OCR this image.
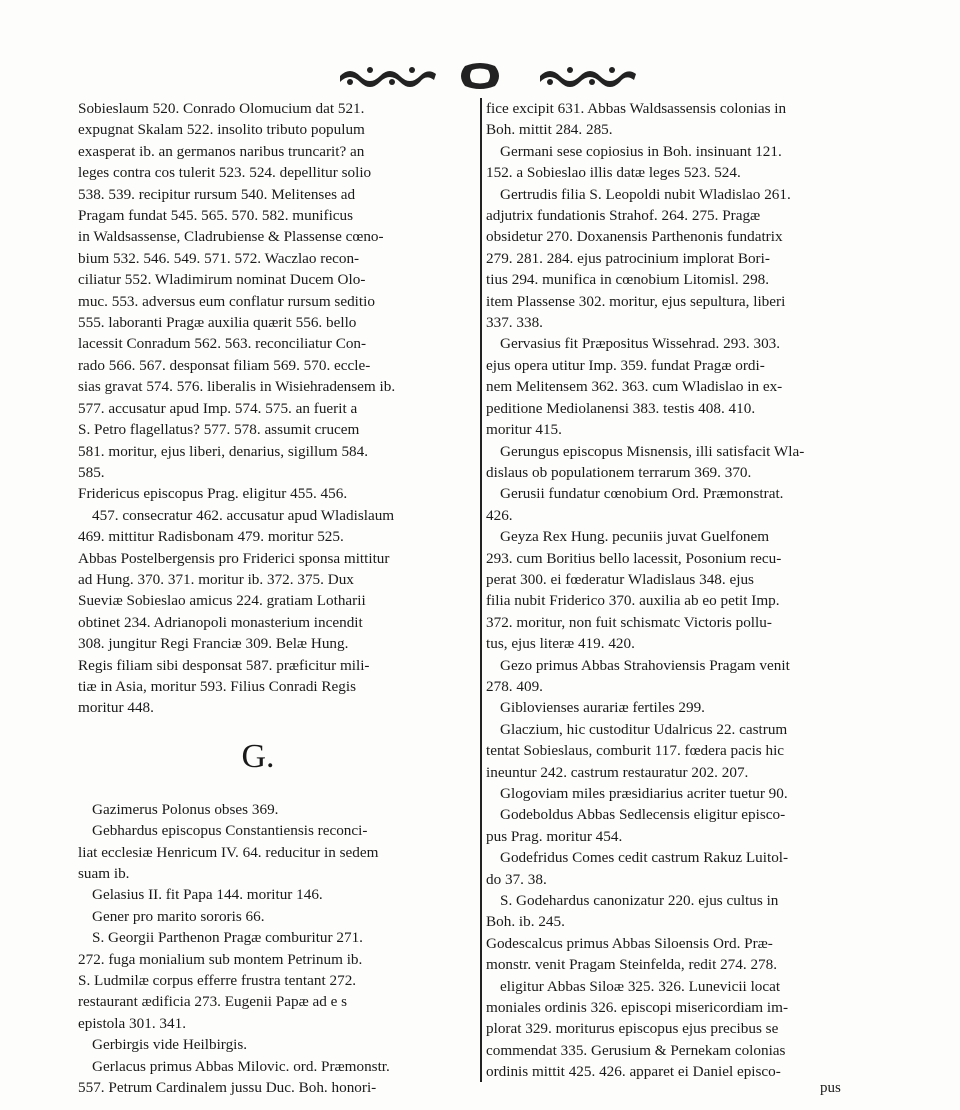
Sobieslaum 520. Conrado Olomucium dat 521.
expugnat Skalam 522. insolito tributo populum
exasperat ib. an germanos naribus truncarit? an
leges contra cos tulerit 523. 524. depellitur solio
538. 539. recipitur rursum 540. Melitenses ad
Pragam fundat 545. 565. 570. 582. munificus
in Waldsassense, Cladrubiense & Plassense cœno-
bium 532. 546. 549. 571. 572. Waczlao recon-
ciliatur 552. Wladimirum nominat Ducem Olo-
muc. 553. adversus eum conflatur rursum seditio
555. laboranti Pragæ auxilia quærit 556. bello
lacessit Conradum 562. 563. reconciliatur Con-
rado 566. 567. desponsat filiam 569. 570. eccle-
sias gravat 574. 576. liberalis in Wisiehradensem ib.
577. accusatur apud Imp. 574. 575. an fuerit a
S. Petro flagellatus? 577. 578. assumit crucem
581. moritur, ejus liberi, denarius, sigillum 584.
585.
Fridericus episcopus Prag. eligitur 455. 456.
457. consecratur 462. accusatur apud Wladislaum
469. mittitur Radisbonam 479. moritur 525.
Abbas Postelbergensis pro Friderici sponsa mittitur
ad Hung. 370. 371. moritur ib. 372. 375. Dux
Sueviæ Sobieslao amicus 224. gratiam Lotharii
obtinet 234. Adrianopoli monasterium incendit
308. jungitur Regi Franciæ 309. Belæ Hung.
Regis filiam sibi desponsat 587. præficitur mili-
tiæ in Asia, moritur 593. Filius Conradi Regis
moritur 448.
G.
Gazimerus Polonus obses 369.
Gebhardus episcopus Constantiensis reconci-
liat ecclesiæ Henricum IV. 64. reducitur in sedem
suam ib.
Gelasius II. fit Papa 144. moritur 146.
Gener pro marito sororis 66.
S. Georgii Parthenon Pragæ comburitur 271.
272. fuga monialium sub montem Petrinum ib.
S. Ludmilæ corpus efferre frustra tentant 272.
restaurant ædificia 273. Eugenii Papæ ad e s
epistola 301. 341.
Gerbirgis vide Heilbirgis.
Gerlacus primus Abbas Milovic. ord. Præmonstr.
557. Petrum Cardinalem jussu Duc. Boh. honori-
fice excipit 631. Abbas Waldsassensis colonias in
Boh. mittit 284. 285.
Germani sese copiosius in Boh. insinuant 121.
152. a Sobieslao illis datæ leges 523. 524.
Gertrudis filia S. Leopoldi nubit Wladislao 261.
adjutrix fundationis Strahof. 264. 275. Pragæ
obsidetur 270. Doxanensis Parthenonis fundatrix
279. 281. 284. ejus patrocinium implorat Bori-
tius 294. munifica in cœnobium Litomisl. 298.
item Plassense 302. moritur, ejus sepultura, liberi
337. 338.
Gervasius fit Præpositus Wissehrad. 293. 303.
ejus opera utitur Imp. 359. fundat Pragæ ordi-
nem Melitensem 362. 363. cum Wladislao in ex-
peditione Mediolanensi 383. testis 408. 410.
moritur 415.
Gerungus episcopus Misnensis, illi satisfacit Wla-
dislaus ob populationem terrarum 369. 370.
Gerusii fundatur cœnobium Ord. Præmonstrat.
426.
Geyza Rex Hung. pecuniis juvat Guelfonem
293. cum Boritius bello lacessit, Posonium recu-
perat 300. ei fœderatur Wladislaus 348. ejus
filia nubit Friderico 370. auxilia ab eo petit Imp.
372. moritur, non fuit schismatc Victoris pollu-
tus, ejus literæ 419. 420.
Gezo primus Abbas Strahoviensis Pragam venit
278. 409.
Giblovienses aurariæ fertiles 299.
Glaczium, hic custoditur Udalricus 22. castrum
tentat Sobieslaus, comburit 117. fœdera pacis hic
ineuntur 242. castrum restauratur 202. 207.
Glogoviam miles præsidiarius acriter tuetur 90.
Godeboldus Abbas Sedlecensis eligitur episco-
pus Prag. moritur 454.
Godefridus Comes cedit castrum Rakuz Luitol-
do 37. 38.
S. Godehardus canonizatur 220. ejus cultus in
Boh. ib. 245.
Godescalcus primus Abbas Siloensis Ord. Præ-
monstr. venit Pragam Steinfelda, redit 274. 278.
eligitur Abbas Siloæ 325. 326. Lunevicii locat
moniales ordinis 326. episcopi misericordiam im-
plorat 329. moriturus episcopus ejus precibus se
commendat 335. Gerusium & Pernekam colonias
ordinis mittit 425. 426. apparet ei Daniel episco-
pus
